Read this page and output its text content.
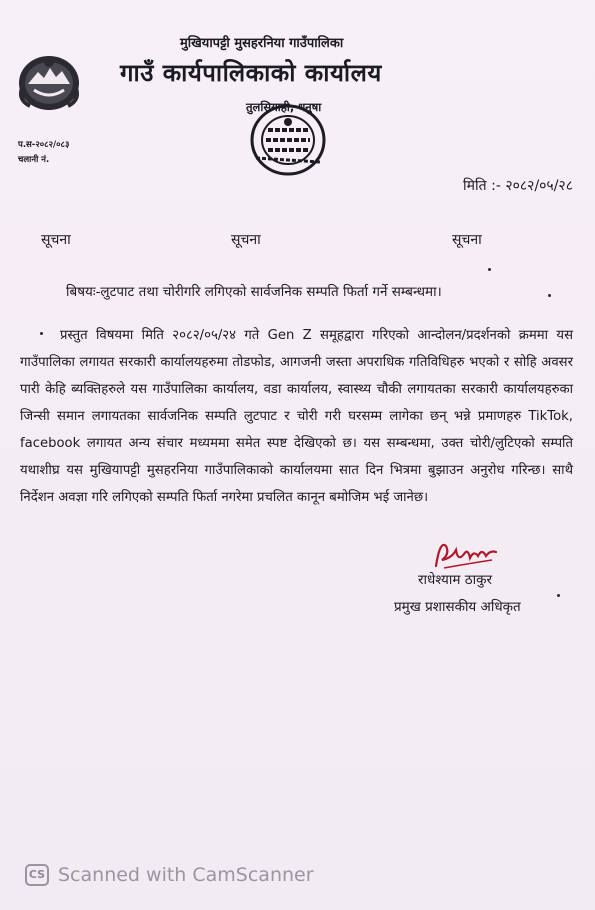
मुखियापट्टी मुसहरनिया गाउँपालिका
गाउँ कार्यपालिकाको कार्यालय
तुलसियाही, धनुषा
प.स-२०८२/०८३
चलानी नं.
मिति :- २०८२/०५/२८
सूचना	सूचना	सूचना
बिषयः-लुटपाट तथा चोरीगरि लगिएको सार्वजनिक सम्पति फिर्ता गर्ने सम्बन्धमा।
प्रस्तुत विषयमा मिति २०८२/०५/२४ गते Gen Z समूहद्वारा गरिएको आन्दोलन/प्रदर्शनको क्रममा यस गाउँपालिका लगायत सरकारी कार्यालयहरुमा तोडफोड, आगजनी जस्ता अपराधिक गतिविधिहरु भएको र सोहि अवसर पारी केहि ब्यक्तिहरुले यस गाउँपालिका कार्यालय, वडा कार्यालय, स्वास्थ्य चौकी लगायतका सरकारी कार्यालयहरुका जिन्सी समान लगायतका सार्वजनिक सम्पति लुटपाट र चोरी गरी घरसम्म लागेका छन् भन्ने प्रमाणहरु TikTok, facebook लगायत अन्य संचार मध्यममा समेत स्पष्ट देखिएको छ। यस सम्बन्धमा, उक्त चोरी/लुटिएको सम्पति यथाशीघ्र यस मुखियापट्टी मुसहरनिया गाउँपालिकाको कार्यालयमा सात दिन भित्रमा बुझाउन अनुरोध गरिन्छ। साथै निर्देशन अवज्ञा गरि लगिएको सम्पति फिर्ता नगरेमा प्रचलित कानून बमोजिम भई जानेछ।
राधेश्याम ठाकुर
प्रमुख प्रशासकीय अधिकृत
CS Scanned with CamScanner
